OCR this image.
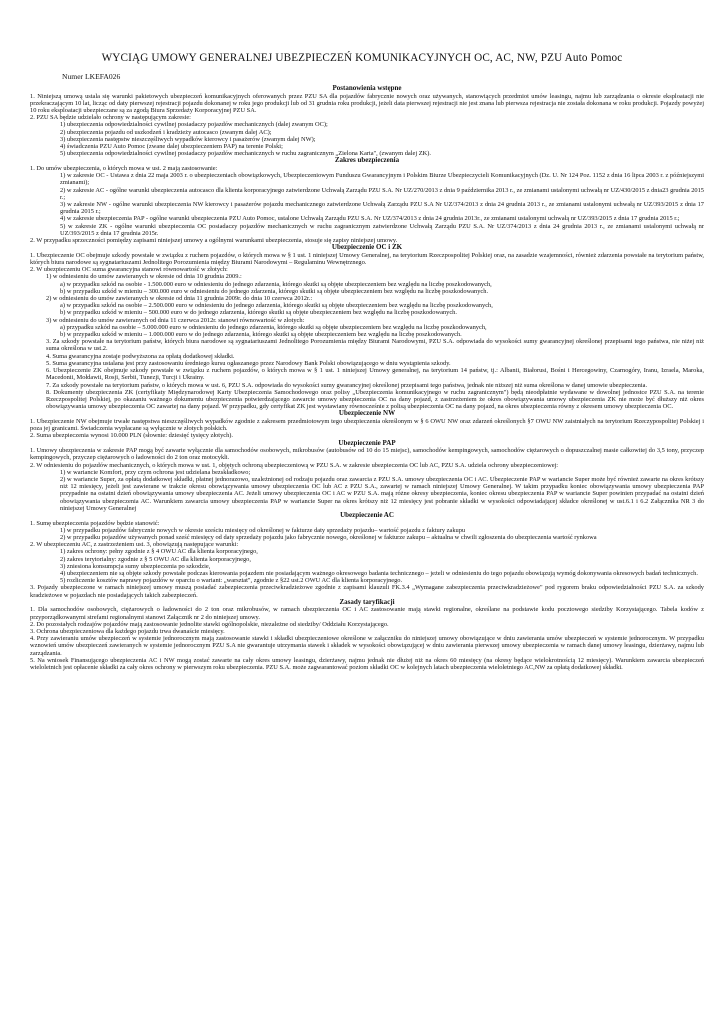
WYCIĄG UMOWY GENERALNEJ UBEZPIECZEŃ KOMUNIKACYJNYCH OC, AC, NW, PZU Auto Pomoc
Numer LKEFA026
Postanowienia wstępne
1. Niniejszą umową ustala się warunki pakietowych ubezpieczeń komunikacyjnych oferowanych przez PZU SA dla pojazdów fabrycznie nowych oraz używanych, stanowiących przedmiot umów leasingu, najmu lub zarządzania o okresie eksploatacji nie przekraczającym 10 lat, licząc od daty pierwszej rejestracji pojazdu dokonanej w roku jego produkcji lub od 31 grudnia roku produkcji, jeżeli data pierwszej rejestracji nie jest znana lub pierwsza rejestracja nie została dokonana w roku produkcji. Pojazdy powyżej 10 roku eksploatacji ubezpieczane są za zgodą Biura Sprzedaży Korporacyjnej PZU SA.
2. PZU SA będzie udzielało ochrony w następującym zakresie:
1) ubezpieczenia odpowiedzialności cywilnej posiadaczy pojazdów mechanicznych (dalej zwanym OC);
2) ubezpieczenia pojazdu od uszkodzeń i kradzieży autocasco (zwanym dalej AC);
3) ubezpieczenia następstw nieszczęśliwych wypadków kierowcy i pasażerów (zwanym dalej NW);
4) świadczenia PZU Auto Pomoc (zwane dalej ubezpieczeniem PAP) na terenie Polski;
5) ubezpieczenia odpowiedzialności cywilnej posiadaczy pojazdów mechanicznych w ruchu zagranicznym „Zielona Karta", (zwanym dalej ZK).
Zakres ubezpieczenia
1. Do umów ubezpieczenia, o których mowa w ust. 2 mają zastosowanie:
1) w zakresie OC - Ustawa z dnia 22 maja 2003 r. o ubezpieczeniach obowiązkowych, Ubezpieczeniowym Funduszu Gwarancyjnym i Polskim Biurze Ubezpieczycieli Komunikacyjnych (Dz. U. Nr 124 Poz. 1152 z dnia 16 lipca 2003 r. z późniejszymi zmianami);
2) w zakresie AC - ogólne warunki ubezpieczenia autocasco dla klienta korporacyjnego zatwierdzone Uchwałą Zarządu PZU S.A. Nr UZ/270/2013 z dnia 9 października 2013 r., ze zmianami ustalonymi uchwałą nr UZ/430/2015 z dnia23 grudnia 2015 r.;
3) w zakresie NW - ogólne warunki ubezpieczenia NW kierowcy i pasażerów pojazdu mechanicznego zatwierdzone Uchwałą Zarządu PZU S.A Nr UZ/374/2013 z dnia 24 grudnia 2013 r., ze zmianami ustalonymi uchwałą nr UZ/393/2015 z dnia 17 grudnia 2015 r.;
4) w zakresie ubezpieczenia PAP - ogólne warunki ubezpieczenia PZU Auto Pomoc, ustalone Uchwałą Zarządu PZU S.A. Nr UZ/374/2013 z dnia 24 grudnia 2013r., ze zmianami ustalonymi uchwałą nr UZ/393/2015 z dnia 17 grudnia 2015 r.;
5) w zakresie ZK - ogólne warunki ubezpieczenia OC posiadaczy pojazdów mechanicznych w ruchu zagranicznym zatwierdzone Uchwałą Zarządu PZU S.A. Nr UZ/374/2013 z dnia 24 grudnia 2013 r., ze zmianami ustalonymi uchwałą nr UZ/393/2015 z dnia 17 grudnia 2015r.
2. W przypadku sprzeczności pomiędzy zapisami niniejszej umowy a ogólnymi warunkami ubezpieczenia, stosuje się zapisy niniejszej umowy.
Ubezpieczenie OC i ZK
1. Ubezpieczenie OC obejmuje szkody powstałe w związku z ruchem pojazdów, o których mowa w § 1 ust. 1 niniejszej Umowy Generalnej, na terytorium Rzeczpospolitej Polskiej oraz, na zasadzie wzajemności, również zdarzenia powstałe na terytorium państw, których biura narodowe są sygnatariuszami Jednolitego Porozumienia między Biurami Narodowymi – Regulaminu Wewnętrznego.
2. W ubezpieczeniu OC suma gwarancyjna stanowi równowartość w złotych:
1) w odniesieniu do umów zawieranych w okresie od dnia 10 grudnia 2009.:
a) w przypadku szkód na osobie - 1.500.000 euro w odniesieniu do jednego zdarzenia, którego skutki są objęte ubezpieczeniem bez względu na liczbę poszkodowanych,
b) w przypadku szkód w mieniu – 300.000 euro w odniesieniu do jednego zdarzenia, którego skutki są objęte ubezpieczeniem bez względu na liczbę poszkodowanych.
2) w odniesieniu do umów zawieranych w okresie od dnia 11 grudnia 2009r. do dnia 10 czerwca 2012r.:
a) w przypadku szkód na osobie – 2.500.000 euro w odniesieniu do jednego zdarzenia, którego skutki są objęte ubezpieczeniem bez względu na liczbę poszkodowanych,
b) w przypadku szkód w mieniu – 500.000 euro w do jednego zdarzenia, którego skutki są objęte ubezpieczeniem bez względu na liczbę poszkodowanych.
3) w odniesieniu do umów zawieranych od dnia 11 czerwca 2012r. stanowi równowartość w złotych:
a) przypadku szkód na osobie – 5.000.000 euro w odniesieniu do jednego zdarzenia, którego skutki są objęte ubezpieczeniem bez względu na liczbę poszkodowanych,
b) w przypadku szkód w mieniu – 1.000.000 euro w do jednego zdarzenia, którego skutki są objęte ubezpieczeniem bez względu na liczbę poszkodowanych.
3. Za szkody powstałe na terytorium państw, których biura narodowe są sygnatariuszami Jednolitego Porozumienia między Biurami Narodowymi, PZU S.A. odpowiada do wysokości sumy gwarancyjnej określonej przepisami tego państwa, nie niżej niż suma określona w ust.2.
4. Suma gwarancyjna zostaje podwyższona za opłatą dodatkowej składki.
5. Suma gwarancyjna ustalana jest przy zastosowaniu średniego kursu ogłaszanego przez Narodowy Bank Polski obowiązującego w dniu wystąpienia szkody.
6. Ubezpieczenie ZK obejmuje szkody powstałe w związku z ruchem pojazdów, o których mowa w § 1 ust. 1 niniejszej Umowy generalnej, na terytorium 14 państw, tj.: Albanii, Białorusi, Bośni i Hercegowiny, Czarnogóry, Iranu, Izraela, Maroka, Macedonii, Mołdawii, Rosji, Serbii, Tunezji, Turcji i Ukrainy.
7. Za szkody powstałe na terytorium państw, o których mowa w ust. 6, PZU S.A. odpowiada do wysokości sumy gwarancyjnej określonej przepisami tego państwa, jednak nie niższej niż suma określona w danej umowie ubezpieczenia.
8. Dokumenty ubezpieczenia ZK (certyfikaty Międzynarodowej Karty Ubezpieczenia Samochodowego oraz polisy „Ubezpieczenia komunikacyjnego w ruchu zagranicznym") będą nieodpłatnie wydawane w dowolnej jednostce PZU S.A. na terenie Rzeczpospolitej Polskiej, po okazaniu ważnego dokumentu ubezpieczenia potwierdzającego zawarcie umowy ubezpieczenia OC na dany pojazd, z zastrzeżeniem że okres obowiązywania umowy ubezpieczenia ZK nie może być dłuższy niż okres obowiązywania umowy ubezpieczenia OC zawartej na dany pojazd. W przypadku, gdy certyfikat ZK jest wystawiany równocześnie z polisą ubezpieczenia OC na dany pojazd, na okres ubezpieczenia równy z okresem umowy ubezpieczenia OC.
Ubezpieczenie NW
1. Ubezpieczenie NW obejmuje trwałe następstwa nieszczęśliwych wypadków zgodnie z zakresem przedmiotowym tego ubezpieczenia określonym w § 6 OWU NW oraz zdarzeń określonych §7 OWU NW zaistniałych na terytorium Rzeczypospolitej Polskiej i poza jej granicami. Świadczenia wypłacane są wyłącznie w złotych polskich.
2. Suma ubezpieczenia wynosi 10.000 PLN (słownie: dziesięć tysięcy złotych).
Ubezpieczenie PAP
1. Umowy ubezpieczenia w zakresie PAP mogą być zawarte wyłącznie dla samochodów osobowych, mikrobusów (autobusów od 10 do 15 miejsc), samochodów kempingowych, samochodów ciężarowych o dopuszczalnej masie całkowitej do 3,5 tony, przyczep kempingowych, przyczep ciężarowych o ładowności do 2 ton oraz motocykli.
2. W odniesieniu do pojazdów mechanicznych, o których mowa w ust. 1, objętych ochroną ubezpieczeniową w PZU S.A. w zakresie ubezpieczenia OC lub AC, PZU S.A. udziela ochrony ubezpieczeniowej:
1) w wariancie Komfort, przy czym ochrona jest udzielana bezskładkowo;
2) w wariancie Super, za opłatą dodatkowej składki, płatnej jednorazowo, uzależnionej od rodzaju pojazdu oraz zawarcia z PZU S.A. umowy ubezpieczenia OC i AC. Ubezpieczenie PAP w wariancie Super może być również zawarte na okres krótszy niż 12 miesięcy, jeżeli jest zawierane w trakcie okresu obowiązywania umowy ubezpieczenia OC lub AC z PZU S.A., zawartej w ramach niniejszej Umowy Generalnej. W takim przypadku koniec obowiązywania umowy ubezpieczenia PAP przypadnie na ostatni dzień obowiązywania umowy ubezpieczenia AC. Jeżeli umowy ubezpieczenia OC i AC w PZU S.A. mają różne okresy ubezpieczenia, koniec okresu ubezpieczenia PAP w wariancie Super powinien przypadać na ostatni dzień obowiązywania ubezpieczenia AC. Warunkiem zawarcia umowy ubezpieczenia PAP w wariancie Super na okres krótszy niż 12 miesięcy jest pobranie składki w wysokości odpowiadającej składce określonej w ust.6.1 i 6.2 Załącznika NR 3 do niniejszej Umowy Generalnej
Ubezpieczenie AC
1. Sumę ubezpieczenia pojazdów będzie stanowić:
1) w przypadku pojazdów fabrycznie nowych w okresie sześciu miesięcy od określonej w fakturze daty sprzedaży pojazdu– wartość pojazdu z faktury zakupu
2) w przypadku pojazdów używanych ponad sześć miesięcy od daty sprzedaży pojazdu jako fabrycznie nowego, określonej w fakturze zakupu – aktualna w chwili zgłoszenia do ubezpieczenia wartość rynkowa
2. W ubezpieczeniu AC, z zastrzeżeniem ust. 3, obowiązują następujące warunki:
1) zakres ochrony: pełny zgodnie z § 4 OWU AC dla klienta korporacyjnego,
2) zakres terytorialny: zgodnie z § 5 OWU AC dla klienta korporacyjnego,
3) zniesiona konsumpcja sumy ubezpieczenia po szkodzie,
4) ubezpieczeniem nie są objęte szkody powstałe podczas kierowania pojazdem nie posiadającym ważnego okresowego badania technicznego – jeżeli w odniesieniu do tego pojazdu obowiązują wymóg dokonywania okresowych badań technicznych.
5) rozliczenie kosztów naprawy pojazdów w oparciu o wariant: „warsztat", zgodnie z §22 ust.2 OWU AC dla klienta korporacyjnego.
3. Pojazdy ubezpieczone w ramach niniejszej umowy muszą posiadać zabezpieczenia przeciwkradzieżowe zgodnie z zapisami klauzuli FK.3.4 „Wymagane zabezpieczenia przeciwkradzieżowe" pod rygorem braku odpowiedzialności PZU S.A. za szkody kradzieżowe w pojazdach nie posiadających takich zabezpieczeń.
Zasady taryfikacji
1. Dla samochodów osobowych, ciężarowych o ładowności do 2 ton oraz mikrobusów, w ramach ubezpieczenia OC i AC zastosowanie mają stawki regionalne, określane na podstawie kodu pocztowego siedziby Korzystającego. Tabela kodów z przyporządkowanymi strefami regionalnymi stanowi Załącznik nr 2 do niniejszej umowy.
2. Do pozostałych rodzajów pojazdów mają zastosowanie jednolite stawki ogólnopolskie, niezależne od siedziby/ Oddziału Korzystającego.
3. Ochrona ubezpieczeniowa dla każdego pojazdu trwa dwanaście miesięcy.
4. Przy zawieraniu umów ubezpieczeń w systemie jednorocznym mają zastosowanie stawki i składki ubezpieczeniowe określone w załączniku do niniejszej umowy obowiązujące w dniu zawierania umów ubezpieczeń w systemie jednorocznym. W przypadku wznowień umów ubezpieczeń zawieranych w systemie jednorocznym PZU S.A nie gwarantuje utrzymania stawek i składek w wysokości obowiązującej w dniu zawierania pierwszej umowy ubezpieczenia w ramach danej umowy leasingu, dzierżawy, najmu lub zarządzania.
5. Na wniosek Finansującego ubezpieczenia AC i NW mogą zostać zawarte na cały okres umowy leasingu, dzierżawy, najmu jednak nie dłużej niż na okres 60 miesięcy (na okresy będące wielokrotnością 12 miesięcy). Warunkiem zawarcia ubezpieczeń wieloletnich jest opłacenie składki za cały okres ochrony w pierwszym roku ubezpieczenia. PZU S.A. może zagwarantować poziom składki OC w kolejnych latach ubezpieczenia wieloletniego AC,NW za opłatą dodatkowej składki.
